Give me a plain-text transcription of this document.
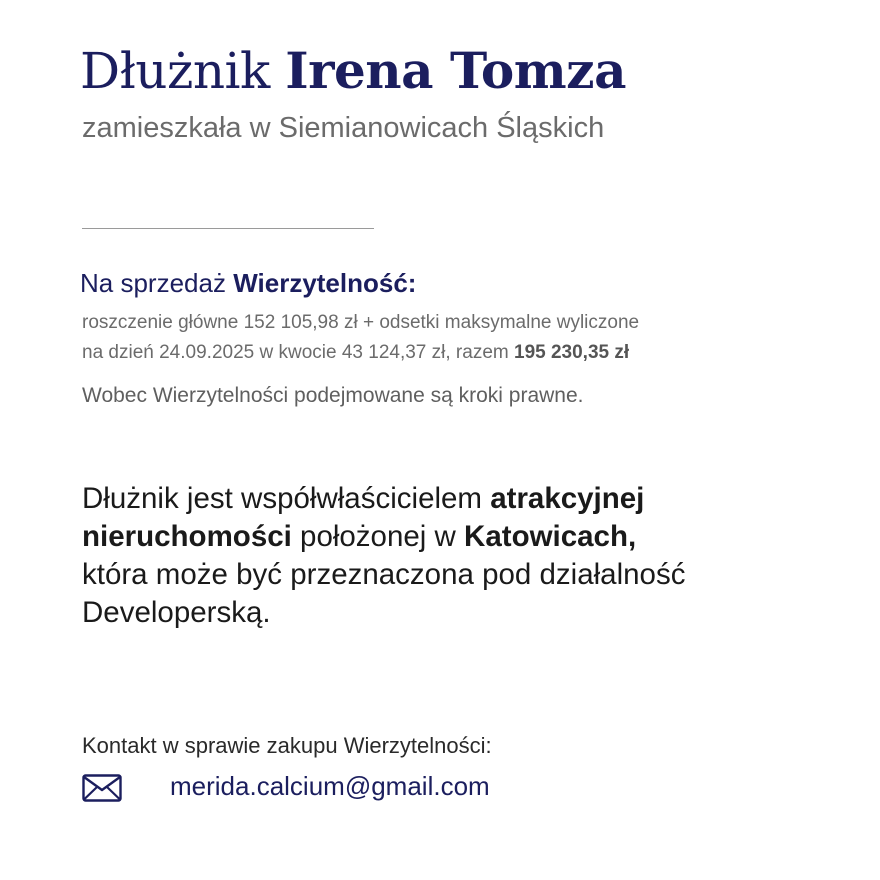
Dłużnik Irena Tomza
zamieszkała w Siemianowicach Śląskich
Na sprzedaż Wierzytelność:
roszczenie główne 152 105,98 zł + odsetki maksymalne wyliczone
na dzień 24.09.2025 w kwocie 43 124,37 zł, razem 195 230,35 zł
Wobec Wierzytelności podejmowane są kroki prawne.
Dłużnik jest współwłaścicielem atrakcyjnej
nieruchomości położonej w Katowicach,
która może być przeznaczona pod działalność
Developerską.
Kontakt w sprawie zakupu Wierzytelności:
merida.calcium@gmail.com
